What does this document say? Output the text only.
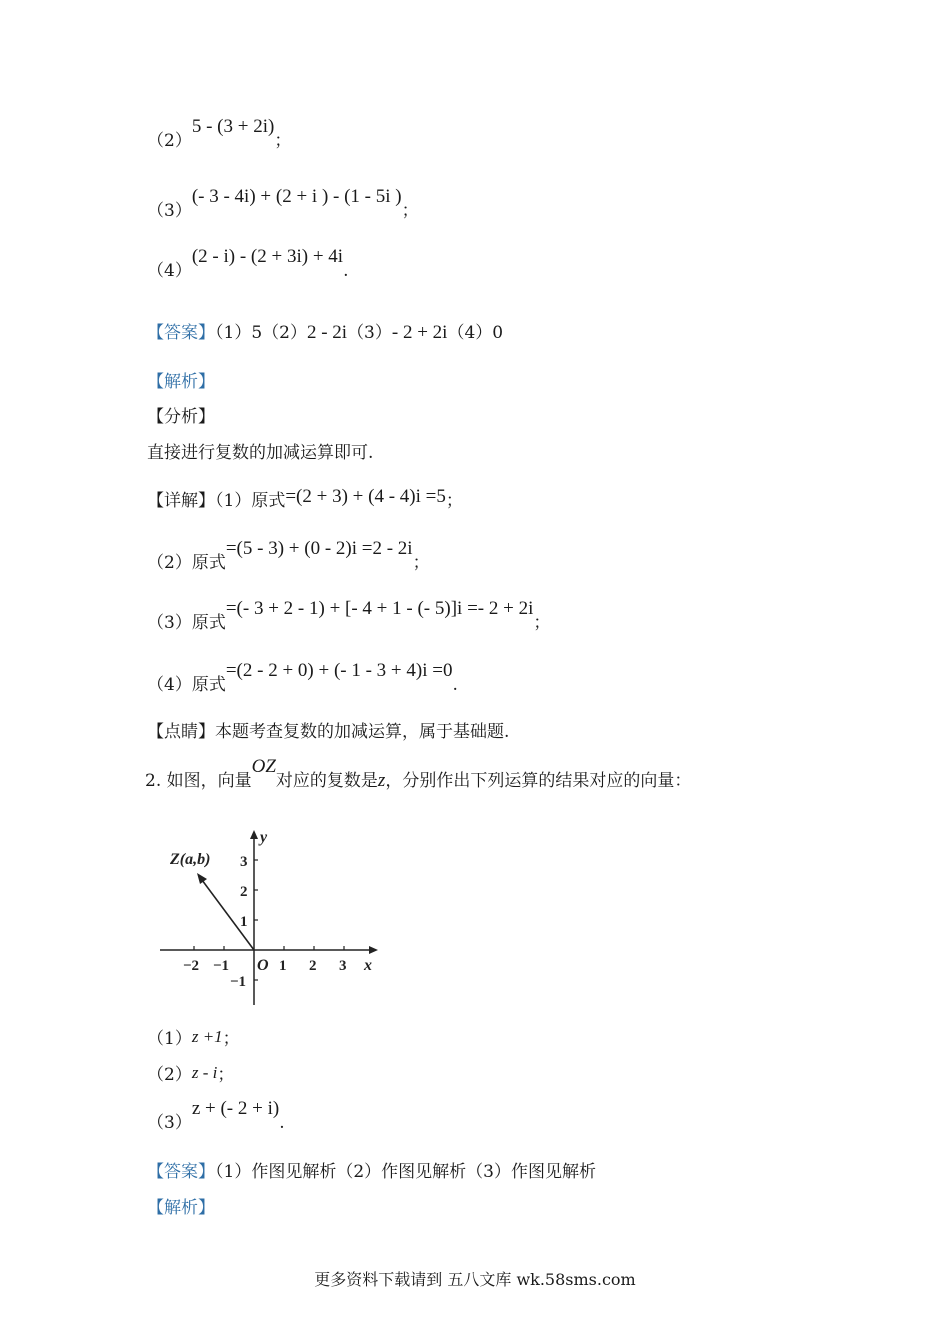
（2）5 - (3 + 2i)；
（3）(- 3 - 4i) + (2 + i ) - (1 - 5i )；
（4）(2 - i) - (2 + 3i) + 4i.
【答案】（1）5（2）2 - 2i（3）- 2 + 2i（4）0
【解析】
【分析】
直接进行复数的加减运算即可.
【详解】（1）原式=(2 + 3) + (4 - 4)i =5；
（2）原式=(5 - 3) + (0 - 2)i =2 - 2i；
（3）原式=(- 3 + 2 - 1) + [- 4 + 1 - (- 5)]i =- 2 + 2i；
（4）原式=(2 - 2 + 0) + (- 1 - 3 + 4)i =0.
【点睛】本题考查复数的加减运算，属于基础题.
2. 如图，向量OZ对应的复数是z，分别作出下列运算的结果对应的向量：
y
x
O
Z(a,b)
−2 −1	1 2 3
3
2
1
−1
（1）z +1；
（2）z - i；
（3）z + (- 2 + i).
【答案】（1）作图见解析（2）作图见解析（3）作图见解析
【解析】
更多资料下载请到 五八文库 wk.58sms.com
